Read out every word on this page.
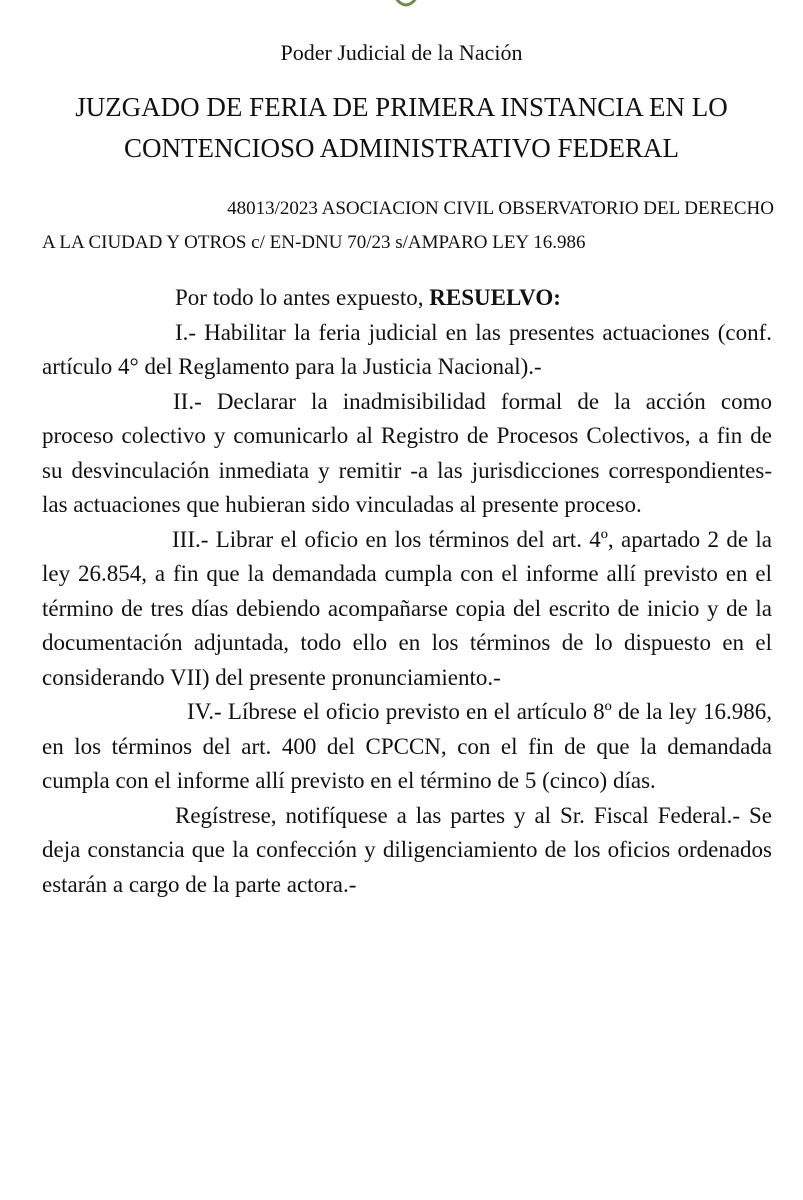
Poder Judicial de la Nación
JUZGADO DE FERIA DE PRIMERA INSTANCIA EN LO
CONTENCIOSO ADMINISTRATIVO FEDERAL
48013/2023 ASOCIACION CIVIL OBSERVATORIO DEL DERECHO
A LA CIUDAD Y OTROS c/ EN-DNU 70/23 s/AMPARO LEY 16.986

Por todo lo antes expuesto, RESUELVO:

I.- Habilitar la feria judicial en las presentes actuaciones (conf. artículo 4° del Reglamento para la Justicia Nacional).-

II.- Declarar la inadmisibilidad formal de la acción como proceso colectivo y comunicarlo al Registro de Procesos Colectivos, a fin de su desvinculación inmediata y remitir -a las jurisdicciones correspondientes- las actuaciones que hubieran sido vinculadas al presente proceso.

III.- Librar el oficio en los términos del art. 4º, apartado 2 de la ley 26.854, a fin que la demandada cumpla con el informe allí previsto en el término de tres días debiendo acompañarse copia del escrito de inicio y de la documentación adjuntada, todo ello en los términos de lo dispuesto en el considerando VII) del presente pronunciamiento.-

IV.- Líbrese el oficio previsto en el artículo 8º de la ley 16.986, en los términos del art. 400 del CPCCN, con el fin de que la demandada cumpla con el informe allí previsto en el término de 5 (cinco) días.

Regístrese, notifíquese a las partes y al Sr. Fiscal Federal.- Se deja constancia que la confección y diligenciamiento de los oficios ordenados estarán a cargo de la parte actora.-
